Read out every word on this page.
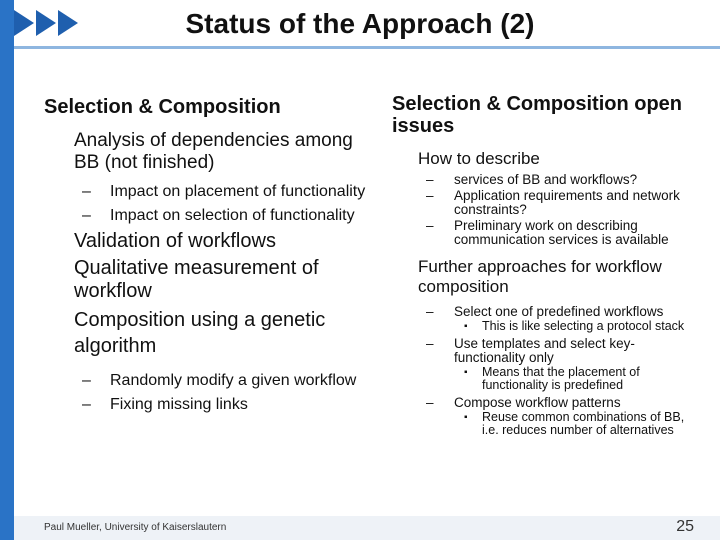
Status of the Approach (2)
Selection & Composition
Analysis of dependencies among BB (not finished)
– Impact on placement of functionality
– Impact on selection of functionality
Validation of workflows
Qualitative measurement of workflow
Composition using a genetic algorithm
– Randomly modify a given workflow
– Fixing missing links
Selection & Composition open issues
How to describe
– services of BB and workflows?
– Application requirements and network constraints?
– Preliminary work on describing communication services is available
Further approaches for workflow composition
– Select one of predefined workflows
▪ This is like selecting a protocol stack
– Use templates and select key-functionality only
▪ Means that the placement of functionality is predefined
– Compose workflow patterns
▪ Reuse common combinations of BB, i.e. reduces number of alternatives
Paul Mueller, University of Kaiserslautern	25
